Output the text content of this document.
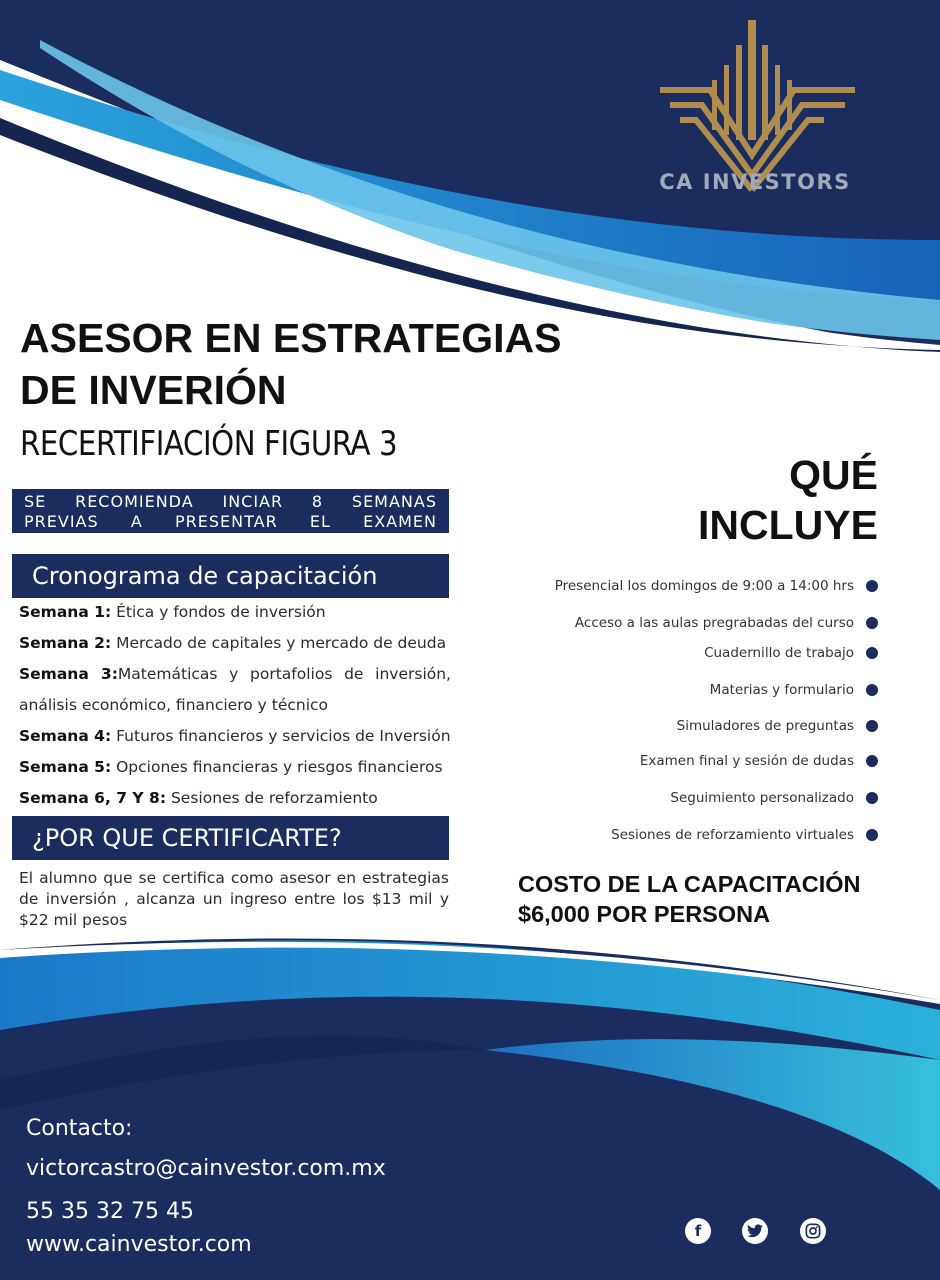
CA INVESTORS
ASESOR EN ESTRATEGIAS
DE INVERIÓN
RECERTIFIACIÓN FIGURA 3
SE RECOMIENDA INCIAR 8 SEMANAS
PREVIAS A PRESENTAR EL EXAMEN
Cronograma de capacitación
Semana 1: Ética y fondos de inversión
Semana 2: Mercado de capitales y mercado de deuda
Semana 3:Matemáticas y portafolios de inversión,
análisis económico, financiero y técnico
Semana 4: Futuros financieros y servicios de Inversión
Semana 5: Opciones financieras y riesgos financieros
Semana 6, 7 Y 8: Sesiones de reforzamiento
¿POR QUE CERTIFICARTE?
El alumno que se certifica como asesor en estrategias de inversión , alcanza un ingreso entre los $13 mil y $22 mil pesos
QUÉ
INCLUYE
Presencial los domingos de 9:00 a 14:00 hrs
Acceso a las aulas pregrabadas del curso
Cuadernillo de trabajo
Materias y formulario
Simuladores de preguntas
Examen final y sesión de dudas
Seguimiento personalizado
Sesiones de reforzamiento virtuales
COSTO DE LA CAPACITACIÓN
$6,000 POR PERSONA
Contacto:
victorcastro@cainvestor.com.mx
55 35 32 75 45
www.cainvestor.com
f
